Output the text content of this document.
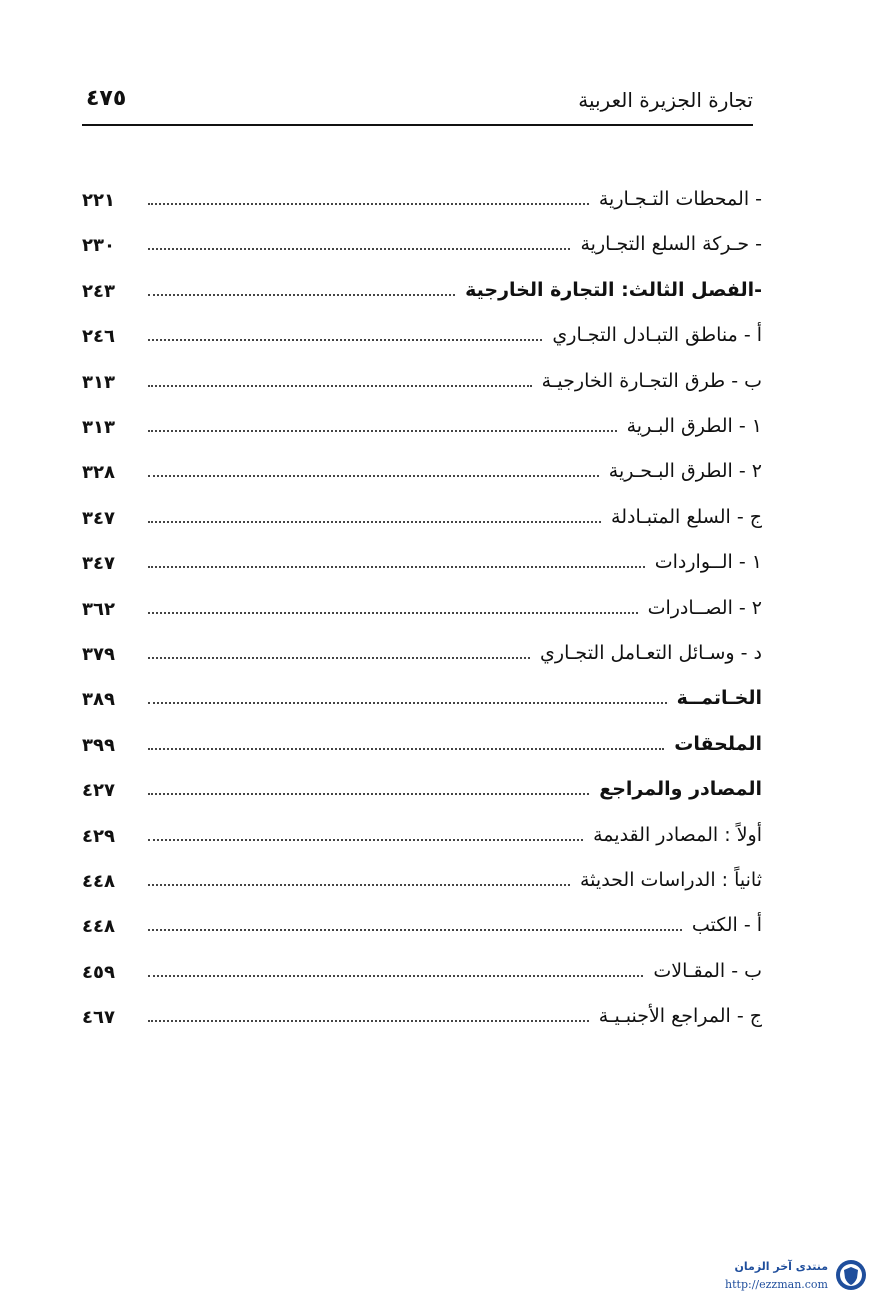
تجارة الجزيرة العربية
٤٧٥
٢٢١	- المحطات التـجـارية
٢٣٠	- حـركة السلع التجـارية
٢٤٣	-الفصل الثالث: التجارة الخارجية
٢٤٦	أ - مناطق التبـادل التجـاري
٣١٣	ب - طرق التجـارة الخارجيـة
٣١٣	١ - الطرق البـرية
٣٢٨	٢ - الطرق البـحـرية
٣٤٧	ج - السلع المتبـادلة
٣٤٧	١ - الــواردات
٣٦٢	٢ - الصــادرات
٣٧٩	د - وسـائل التعـامل التجـاري
٣٨٩	الخـاتمــة
٣٩٩	الملحقات
٤٢٧	المصادر والمراجع
٤٢٩	أولاً : المصادر القديمة
٤٤٨	ثانياً : الدراسات الحديثة
٤٤٨	أ - الكتب
٤٥٩	ب - المقـالات
٤٦٧	ج - المراجع الأجنبـيـة
منتدى آخر الزمان
http://ezzman.com
